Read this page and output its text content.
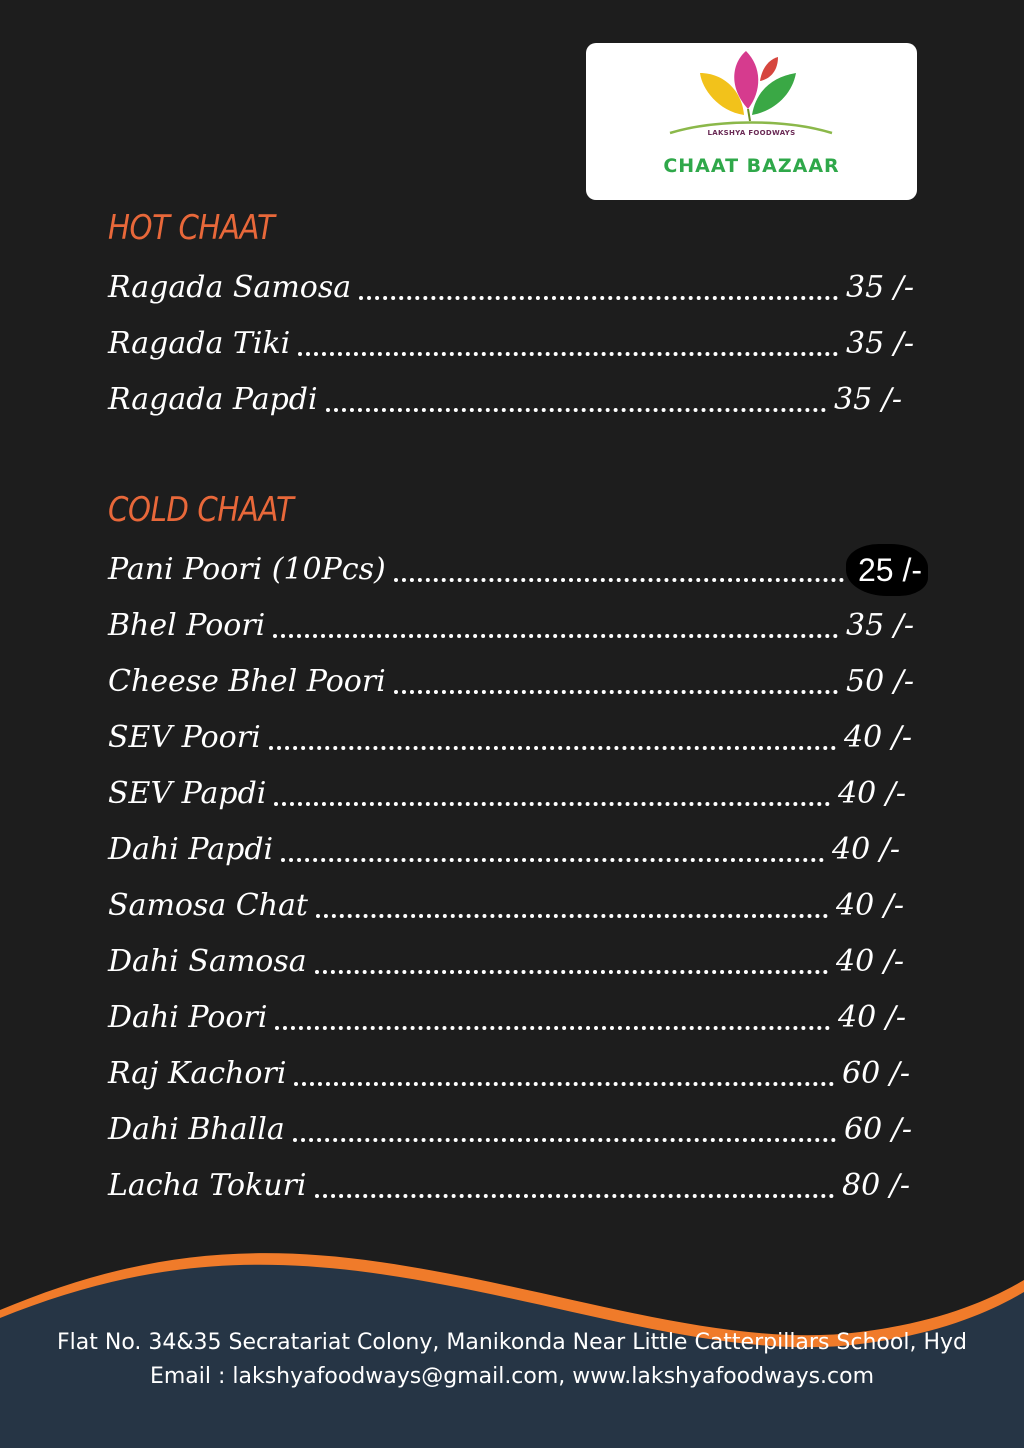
LAKSHYA FOODWAYS
CHAAT BAZAAR
HOT CHAAT
Ragada Samosa	35 /-
Ragada Tiki	35 /-
Ragada Papdi	35 /-
COLD CHAAT
Pani Poori (10Pcs)	25 /-
Bhel Poori	35 /-
Cheese Bhel Poori	50 /-
SEV Poori	40 /-
SEV Papdi	40 /-
Dahi Papdi	40 /-
Samosa Chat	40 /-
Dahi Samosa	40 /-
Dahi Poori	40 /-
Raj Kachori	60 /-
Dahi Bhalla	60 /-
Lacha Tokuri	80 /-
Flat No. 34&35 Secratariat Colony, Manikonda Near Little Catterpillars School, Hyd
Email : lakshyafoodways@gmail.com, www.lakshyafoodways.com
